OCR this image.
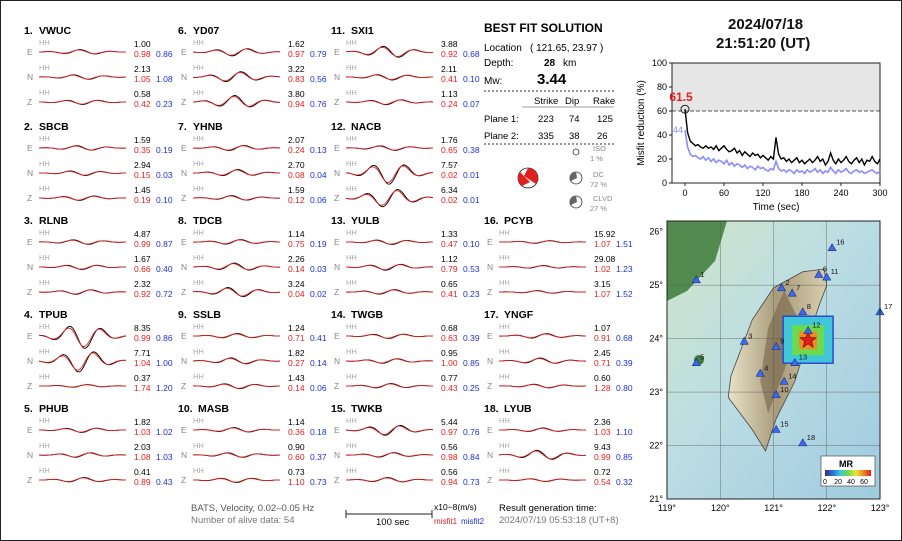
2024/07/18
21:51:20 (UT)
BEST FIT SOLUTION
Location ( 121.65, 23.97 )
Depth:	28 km
Mw: 3.44
Strike Dip Rake
Plane 1: 223 74 125
Plane 2: 335 38 26
ISO
1 %
DC
72 %
CLVD
27 %
0
20
40
60
80
100
0	60	120	180	240	300
61.5
44
Time (sec)
Misfit reduction (%)
1. VWUC
HH
E
1.00
0.98 0.86
HH
N
2.13
1.05 1.08
HH
Z
0.58
0.42 0.23
2. SBCB
HH
E
1.59
0.35 0.19
HH
N
2.94
0.15 0.03
HH
Z
1.45
0.19 0.10
3. RLNB
HH
E
4.87
0.99 0.87
HH
N
1.67
0.66 0.40
HH
Z
2.32
0.92 0.72
4. TPUB
HH
E
8.35
0.99 0.86
HH
N
7.71
1.04 1.00
HH
Z
0.37
1.74 1.20
5. PHUB
HH
E
1.82
1.03 1.02
HH
N
2.03
1.08 1.03
HH
Z
0.41
0.89 0.43
6. YD07
HH
E
1.62
0.97 0.79
HH
N
3.22
0.83 0.56
HH
Z
3.80
0.94 0.76
7. YHNB
HH
E
2.07
0.24 0.13
HH
N
2.70
0.08 0.04
HH
Z
1.59
0.12 0.06
8. TDCB
HH
E
1.14
0.75 0.19
HH
N
2.26
0.14 0.03
HH
Z
3.24
0.04 0.02
9. SSLB
HH
E
1.24
0.71 0.41
HH
N
1.82
0.27 0.14
HH
Z
1.43
0.14 0.06
10. MASB
HH
E
1.14
0.36 0.18
HH
N
0.90
0.60 0.37
HH
Z
0.73
1.10 0.73
11. SXI1
HH
E
3.88
0.92 0.68
HH
N
2.11
0.41 0.10
HH
Z
1.13
0.24 0.07
12. NACB
HH
E
1.76
0.65 0.38
HH
N
7.57
0.02 0.01
HH
Z
6.34
0.02 0.01
13. YULB
HH
E
1.33
0.47 0.10
HH
N
1.12
0.79 0.53
HH
Z
0.65
0.41 0.23
14. TWGB
HH
E
0.68
0.63 0.39
HH
N
0.95
1.00 0.85
HH
Z
0.77
0.43 0.25
15. TWKB
HH
E
5.44
0.97 0.76
HH
N
0.56
0.98 0.84
HH
Z
0.56
0.94 0.73
16. PCYB
HH
E
15.92
1.07 1.51
HH
N
29.08
1.02 1.23
HH
Z
3.15
1.07 1.52
17. YNGF
HH
E
1.07
0.91 0.68
HH
N
2.45
0.71 0.39
HH
Z
0.60
1.28 0.80
18. LYUB
HH
E
2.36
1.03 1.10
HH
N
9.43
0.99 0.85
HH
Z
0.72
0.54 0.32
1
2
3
4
5
6
7
8
9
10
11
12
13
14
15
16
17
18
26°
25°
24°
23°
22°
21°
119°	120°	121°	122°	123°
MR
0 20 40 60
BATS, Velocity, 0.02–0.05 Hz
Number of alive data: 54	100 sec
x10−8(m/s)
misfit1 misfit2
Result generation time:
2024/07/19 05:53:18 (UT+8)
